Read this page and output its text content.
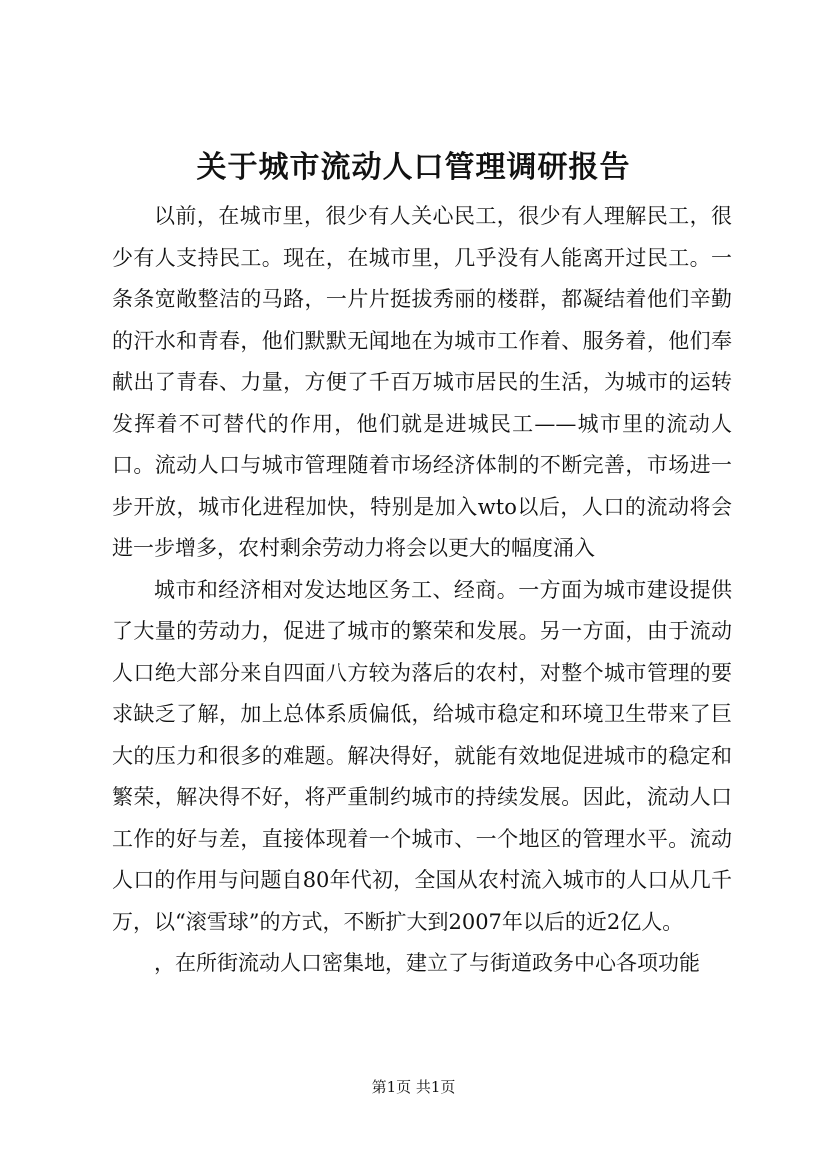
关于城市流动人口管理调研报告

以前，在城市里，很少有人关心民工，很少有人理解民工，很少有人支持民工。现在，在城市里，几乎没有人能离开过民工。一条条宽敞整洁的马路，一片片挺拔秀丽的楼群，都凝结着他们辛勤的汗水和青春，他们默默无闻地在为城市工作着、服务着，他们奉献出了青春、力量，方便了千百万城市居民的生活，为城市的运转发挥着不可替代的作用，他们就是进城民工——城市里的流动人口。流动人口与城市管理随着市场经济体制的不断完善，市场进一步开放，城市化进程加快，特别是加入wto以后，人口的流动将会进一步增多，农村剩余劳动力将会以更大的幅度涌入

城市和经济相对发达地区务工、经商。一方面为城市建设提供了大量的劳动力，促进了城市的繁荣和发展。另一方面，由于流动人口绝大部分来自四面八方较为落后的农村，对整个城市管理的要求缺乏了解，加上总体系质偏低，给城市稳定和环境卫生带来了巨大的压力和很多的难题。解决得好，就能有效地促进城市的稳定和繁荣，解决得不好，将严重制约城市的持续发展。因此，流动人口工作的好与差，直接体现着一个城市、一个地区的管理水平。流动人口的作用与问题自80年代初，全国从农村流入城市的人口从几千万，以“滚雪球”的方式，不断扩大到2007年以后的近2亿人。

，在所街流动人口密集地，建立了与街道政务中心各项功能

第1页 共1页
